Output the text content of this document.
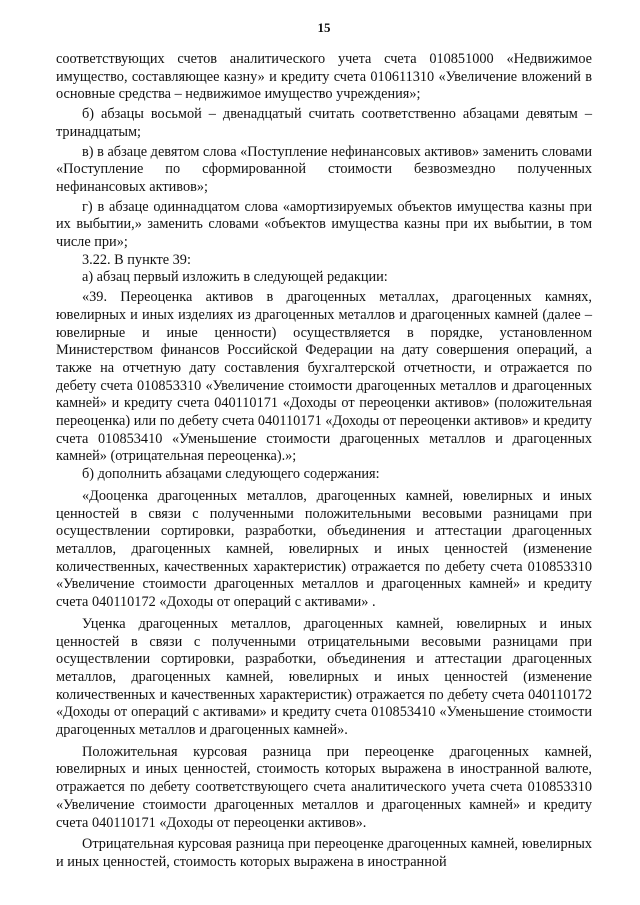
15

соответствующих счетов аналитического учета счета 010851000 «Недвижимое имущество, составляющее казну» и кредиту счета 010611310 «Увеличение вложений в основные средства – недвижимое имущество учреждения»;

б) абзацы восьмой – двенадцатый считать соответственно абзацами девятым – тринадцатым;

в) в абзаце девятом слова «Поступление нефинансовых активов» заменить словами «Поступление по сформированной стоимости безвозмездно полученных нефинансовых активов»;

г) в абзаце одиннадцатом слова «амортизируемых объектов имущества казны при их выбытии,» заменить словами «объектов имущества казны при их выбытии, в том числе при»;

3.22. В пункте 39:

а) абзац первый изложить в следующей редакции:

«39. Переоценка активов в драгоценных металлах, драгоценных камнях, ювелирных и иных изделиях из драгоценных металлов и драгоценных камней (далее – ювелирные и иные ценности) осуществляется в порядке, установленном Министерством финансов Российской Федерации на дату совершения операций, а также на отчетную дату составления бухгалтерской отчетности, и отражается по дебету счета 010853310 «Увеличение стоимости драгоценных металлов и драгоценных камней» и кредиту счета 040110171 «Доходы от переоценки активов» (положительная переоценка) или по дебету счета 040110171 «Доходы от переоценки активов» и кредиту счета 010853410 «Уменьшение стоимости драгоценных металлов и драгоценных камней» (отрицательная переоценка).»;

б) дополнить абзацами следующего содержания:

«Дооценка драгоценных металлов, драгоценных камней, ювелирных и иных ценностей в связи с полученными положительными весовыми разницами при осуществлении сортировки, разработки, объединения и аттестации драгоценных металлов, драгоценных камней, ювелирных и иных ценностей (изменение количественных, качественных характеристик) отражается по дебету счета 010853310 «Увеличение стоимости драгоценных металлов и драгоценных камней» и кредиту счета 040110172 «Доходы от операций с активами» .

Уценка драгоценных металлов, драгоценных камней, ювелирных и иных ценностей в связи с полученными отрицательными весовыми разницами при осуществлении сортировки, разработки, объединения и аттестации драгоценных металлов, драгоценных камней, ювелирных и иных ценностей (изменение количественных и качественных характеристик) отражается по дебету счета 040110172 «Доходы от операций с активами» и кредиту счета 010853410 «Уменьшение стоимости драгоценных металлов и драгоценных камней».

Положительная курсовая разница при переоценке драгоценных камней, ювелирных и иных ценностей, стоимость которых выражена в иностранной валюте, отражается по дебету соответствующего счета аналитического учета счета 010853310 «Увеличение стоимости драгоценных металлов и драгоценных камней» и кредиту счета 040110171 «Доходы от переоценки активов».

Отрицательная курсовая разница при переоценке драгоценных камней, ювелирных и иных ценностей, стоимость которых выражена в иностранной
